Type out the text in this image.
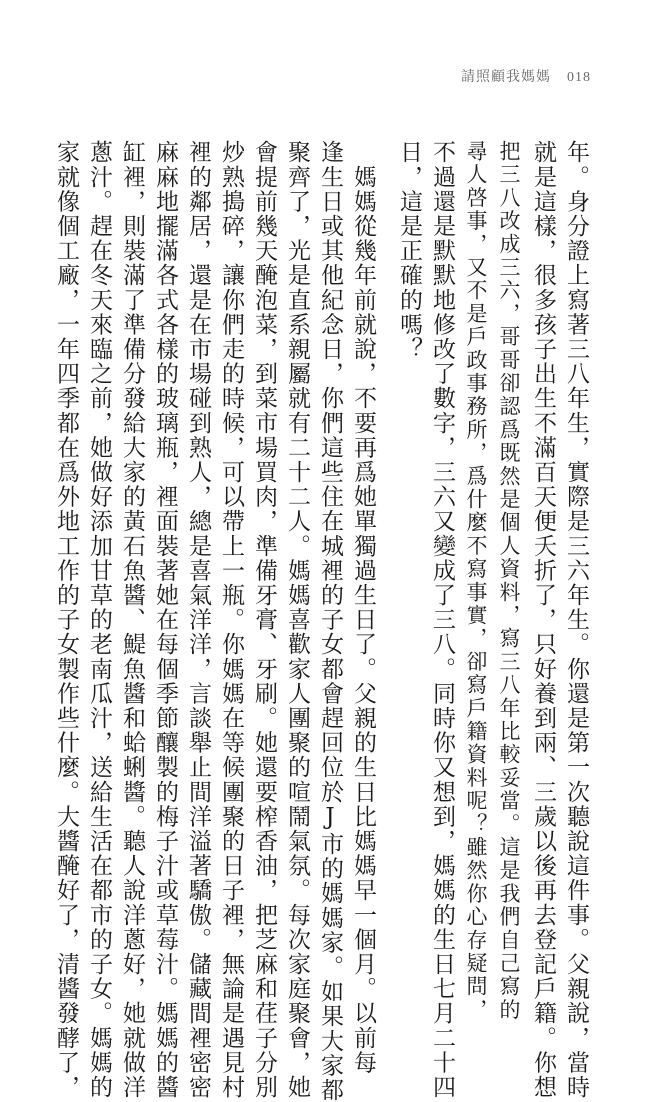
請照顧我媽媽 018
年。身分證上寫著三八年生，實際是三六年生。你還是第一次聽說這件事。父親說，當時
就是這樣，很多孩子出生不滿百天便夭折了，只好養到兩、三歲以後再去登記戶籍。你想
把三八改成三六，哥哥卻認爲既然是個人資料，寫三八年比較妥當。這是我們自己寫的
尋人啓事，又不是戶政事務所，爲什麼不寫事實，卻寫戶籍資料呢？雖然你心存疑問，
不過還是默默地修改了數字，三六又變成了三八。同時你又想到，媽媽的生日七月二十四
日，這是正確的嗎？
　媽媽從幾年前就說，不要再爲她單獨過生日了。父親的生日比媽媽早一個月。以前每
逢生日或其他紀念日，你們這些住在城裡的子女都會趕回位於J市的媽媽家。如果大家都
聚齊了，光是直系親屬就有二十二人。媽媽喜歡家人團聚的喧鬧氣氛。每次家庭聚會，她
會提前幾天醃泡菜，到菜市場買肉，準備牙膏、牙刷。她還要榨香油，把芝麻和荏子分別
炒熟搗碎，讓你們走的時候，可以帶上一瓶。你媽媽在等候團聚的日子裡，無論是遇見村
裡的鄰居，還是在市場碰到熟人，總是喜氣洋洋，言談舉止間洋溢著驕傲。儲藏間裡密密
麻麻地擺滿各式各樣的玻璃瓶，裡面裝著她在每個季節釀製的梅子汁或草莓汁。媽媽的醬
缸裡，則裝滿了準備分發給大家的黃石魚醬、鯷魚醬和蛤蜊醬。聽人說洋蔥好，她就做洋
蔥汁。趕在冬天來臨之前，她做好添加甘草的老南瓜汁，送給生活在都市的子女。媽媽的
家就像個工廠，一年四季都在爲外地工作的子女製作些什麼。大醬醃好了，清醬發酵了，
